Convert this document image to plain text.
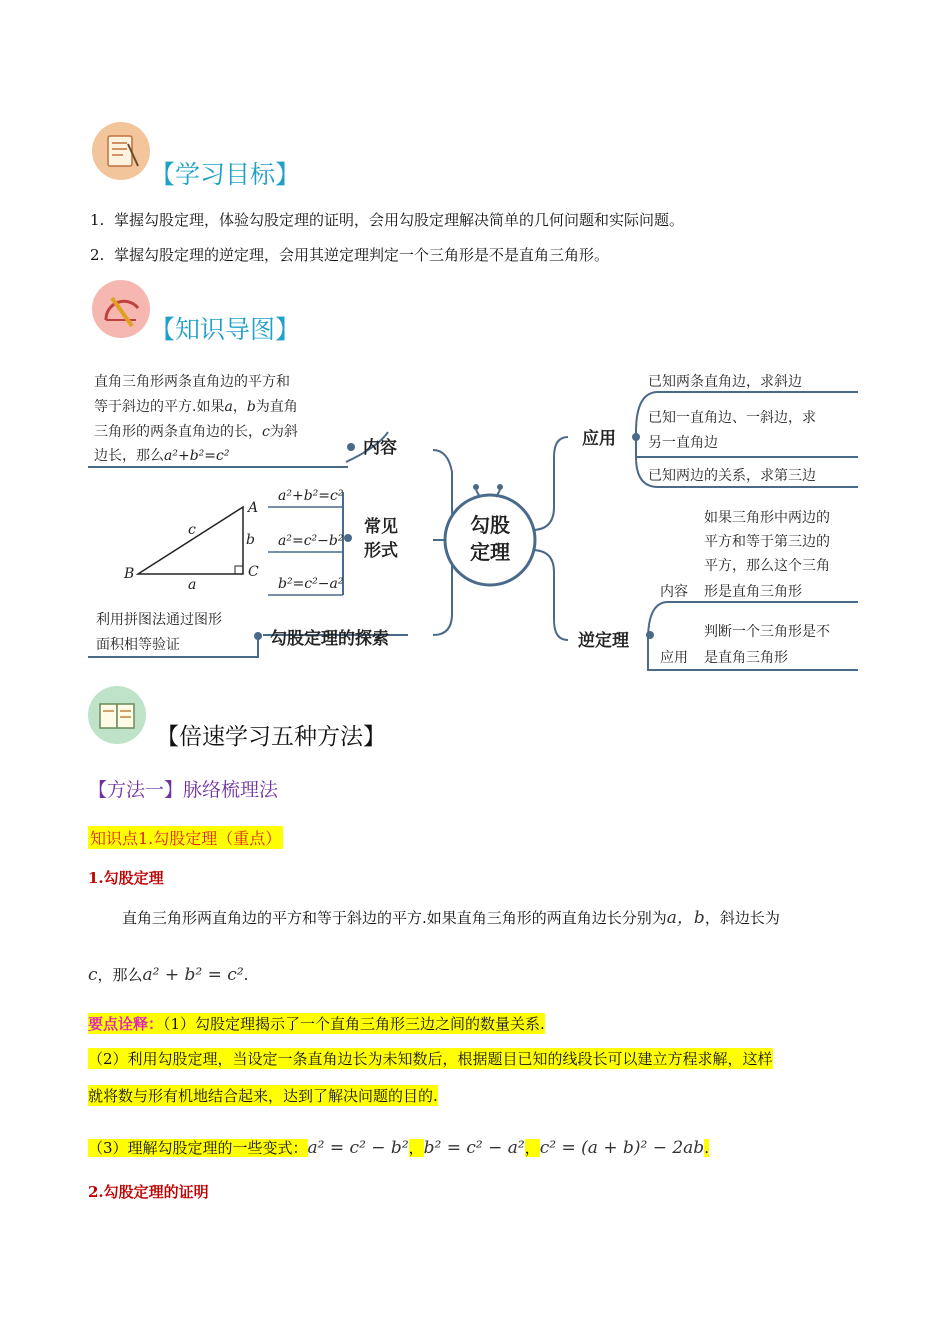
【学习目标】
1. 掌握勾股定理，体验勾股定理的证明，会用勾股定理解决简单的几何问题和实际问题。
2. 掌握勾股定理的逆定理，会用其逆定理判定一个三角形是不是直角三角形。
【知识导图】
勾股
定理
直角三角形两条直角边的平方和
等于斜边的平方.如果a，b为直角
三角形的两条直角边的长，c为斜
边长，那么a²+b²=c²	内容
B
A
C
c
b
a
a²+b²=c²
a²=c²−b²
b²=c²−a²
常见
形式
利用拼图法通过图形
面积相等验证	勾股定理的探索
应用
已知两条直角边，求斜边
已知一直角边、一斜边，求
另一直角边
已知两边的关系，求第三边
逆定理
如果三角形中两边的
平方和等于第三边的
平方，那么这个三角
内容 形是直角三角形
判断一个三角形是不
应用 是直角三角形
【倍速学习五种方法】
【方法一】脉络梳理法
知识点1.勾股定理（重点）
1.勾股定理
直角三角形两直角边的平方和等于斜边的平方.如果直角三角形的两直角边长分别为a，b，斜边长为
c，那么a² + b² = c².
要点诠释：（1）勾股定理揭示了一个直角三角形三边之间的数量关系.
（2）利用勾股定理，当设定一条直角边长为未知数后，根据题目已知的线段长可以建立方程求解，这样
就将数与形有机地结合起来，达到了解决问题的目的.
（3）理解勾股定理的一些变式：a² = c² − b²，b² = c² − a²，c² = (a + b)² − 2ab.
2.勾股定理的证明
